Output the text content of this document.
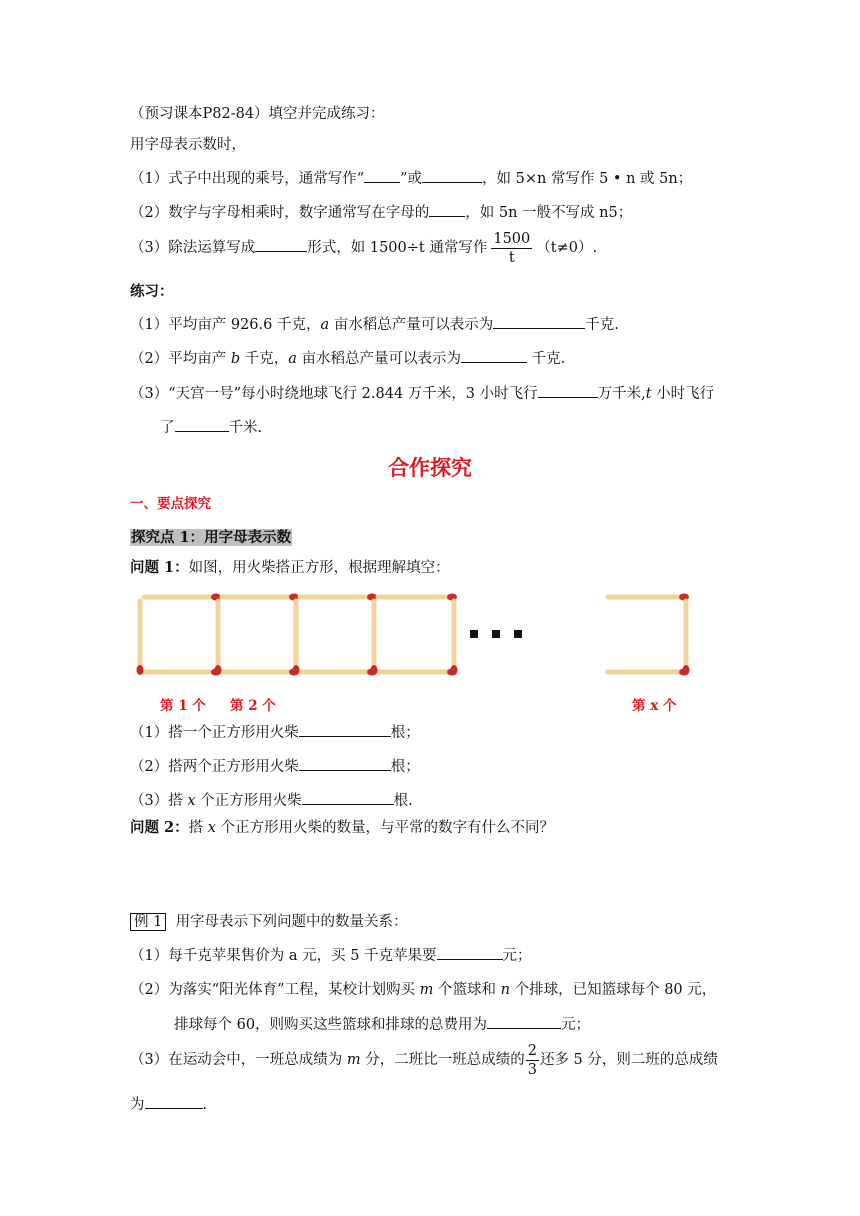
（预习课本P82-84）填空并完成练习：
用字母表示数时，
（1）式子中出现的乘号，通常写作“ ”或	，如 5×n 常写作 5 • n 或 5n；
（2）数字与字母相乘时，数字通常写在字母的 ，如 5n 一般不写成 n5；
（3）除法运算写成	形式，如 1500÷t 通常写作 $\frac{1500}{t} (t\ne 0)$.
练习：
（1）平均亩产 926.6 千克，a 亩水稻总产量可以表示为	千克.
（2）平均亩产 b 千克，a 亩水稻总产量可以表示为	千克.
（3）“天宫一号”每小时绕地球飞行 2.844 万千米，3 小时飞行	万千米,t 小时飞行
了	千米.
合作探究
一、要点探究
探究点 1：用字母表示数
问题 1：如图，用火柴搭正方形，根据理解填空：
第 1 个 第 2 个	第 x 个
（1）搭一个正方形用火柴	根；
（2）搭两个正方形用火柴	根；
（3）搭 x 个正方形用火柴	根.
问题 2：搭 x 个正方形用火柴的数量，与平常的数字有什么不同？
例 1 用字母表示下列问题中的数量关系：
（1）每千克苹果售价为 a 元，买 5 千克苹果要	元；
（2）为落实“阳光体育”工程，某校计划购买 m 个篮球和 n 个排球，已知篮球每个 80 元，
排球每个 60，则购买这些篮球和排球的总费用为	元；
（3）在运动会中，一班总成绩为 m 分，二班比一班总成绩的 $\frac{2}{3}$ 还多 5 分，则二班的总成绩
为	.
